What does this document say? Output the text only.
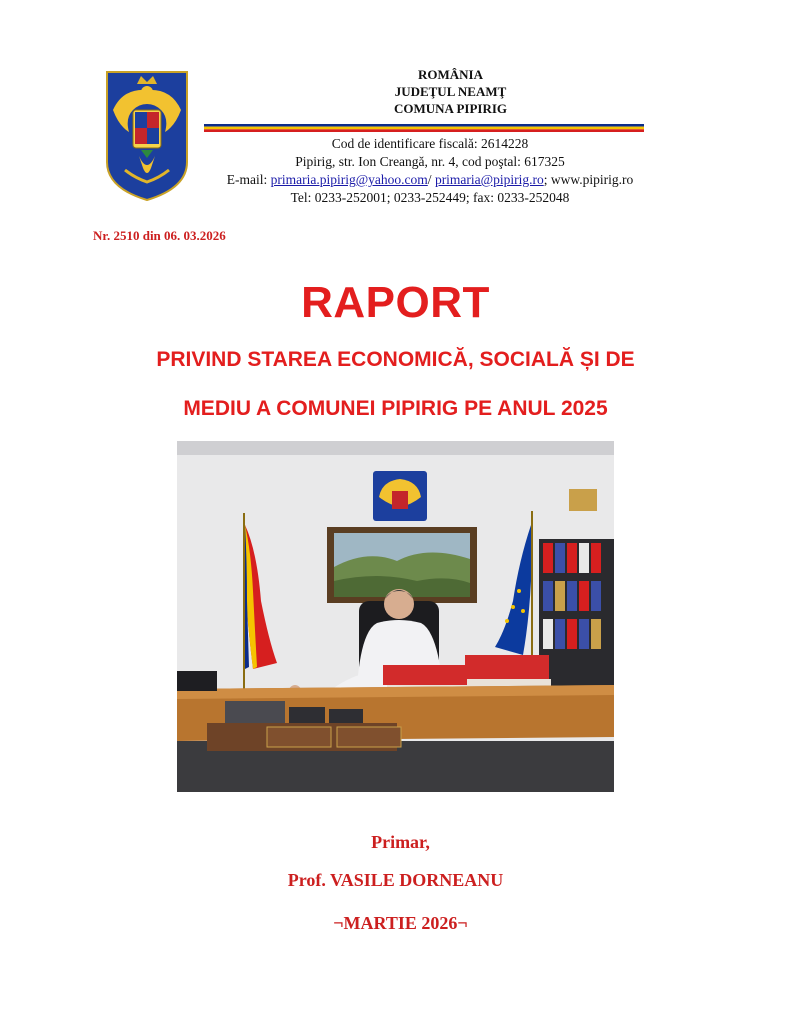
ROMÂNIA
JUDEŢUL NEAMŢ
COMUNA PIPIRIG
Cod de identificare fiscală: 2614228
Pipirig, str. Ion Creangă, nr. 4, cod poştal: 617325
E-mail: primaria.pipirig@yahoo.com/ primaria@pipirig.ro; www.pipirig.ro
Tel: 0233-252001; 0233-252449; fax: 0233-252048
Nr. 2510 din 06. 03.2026
RAPORT
PRIVIND STAREA ECONOMICĂ, SOCIALĂ ȘI DE
MEDIU A COMUNEI PIPIRIG PE ANUL 2025
Primar,
Prof. VASILE DORNEANU
¬MARTIE 2026¬
